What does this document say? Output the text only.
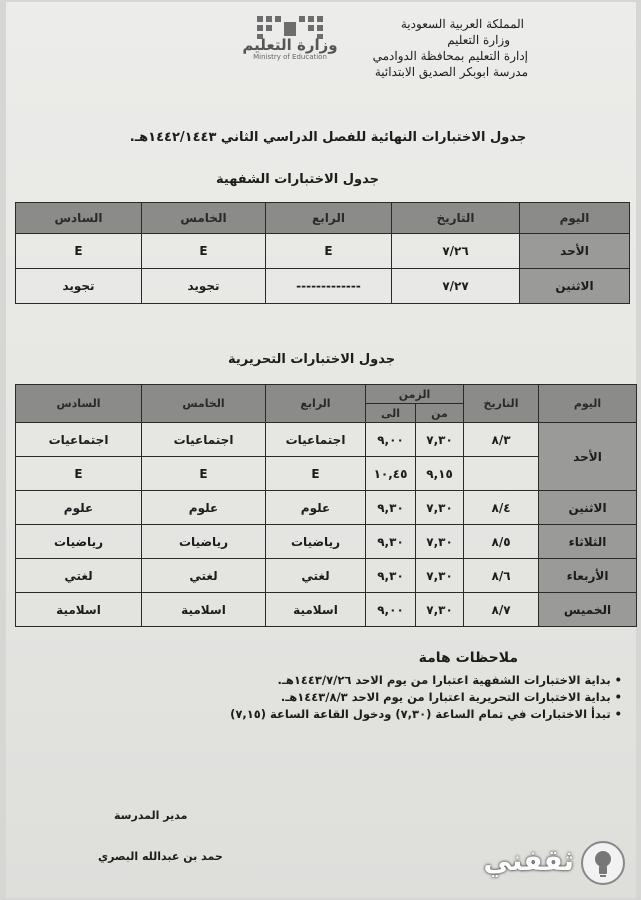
المملكة العربية السعودية
وزارة التعليم
إدارة التعليم بمحافظة الدوادمي
مدرسة ابوبكر الصديق الابتدائية
وزارة التعليم
Ministry of Education
جدول الاختبارات النهائية للفصل الدراسي الثاني ١٤٤٢/١٤٤٣هـ.
جدول الاختبارات الشفهية
اليوم	التاريخ	الرابع	الخامس	السادس
الأحد	٧/٢٦	E	E	E
الاثنين	٧/٢٧	-------------	تجويد	تجويد
جدول الاختبارات التحريرية
اليوم	التاريخ	الزمن		الرابع	الخامس	السادس
		من	الى			
الأحد	٨/٣	٧,٣٠	٩,٠٠	اجتماعيات	اجتماعيات	اجتماعيات
		٩,١٥	١٠,٤٥	E	E	E
الاثنين	٨/٤	٧,٣٠	٩,٣٠	علوم	علوم	علوم
الثلاثاء	٨/٥	٧,٣٠	٩,٣٠	رياضيات	رياضيات	رياضيات
الأربعاء	٨/٦	٧,٣٠	٩,٣٠	لغتي	لغتي	لغتي
الخميس	٨/٧	٧,٣٠	٩,٠٠	اسلامية	اسلامية	اسلامية
ملاحظات هامة
• بداية الاختبارات الشفهية اعتبارا من يوم الاحد ١٤٤٣/٧/٢٦هـ.
• بداية الاختبارات التحريرية اعتبارا من يوم الاحد ١٤٤٣/٨/٣هـ.
• تبدأ الاختبارات في تمام الساعة (٧,٣٠) ودخول القاعة الساعة (٧,١٥)
مدير المدرسة
حمد بن عبدالله البصري	ثقفني
